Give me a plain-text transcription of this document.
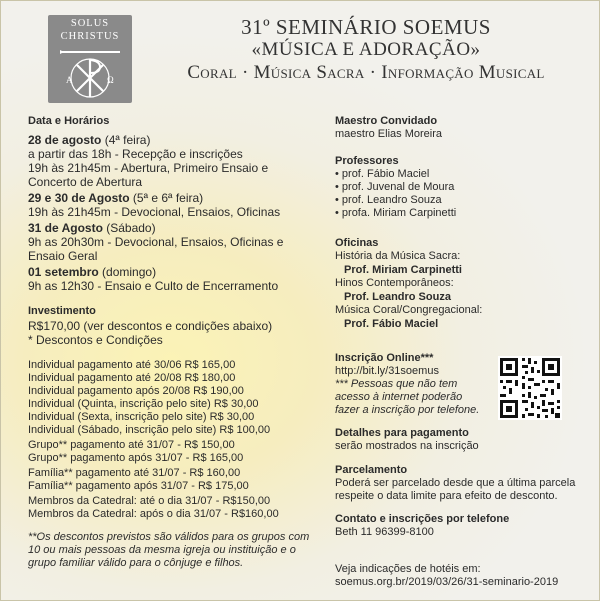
SOLUS
CHRISTUS
A	Ω
31º SEMINÁRIO SOEMUS
«MÚSICA E ADORAÇÃO»
Coral · Música Sacra · Informação Musical
Data e Horários
28 de agosto (4ª feira)
a partir das 18h - Recepção e inscrições
19h às 21h45m - Abertura, Primeiro Ensaio e
Concerto de Abertura
29 e 30 de Agosto (5ª e 6ª feira)
19h às 21h45m - Devocional, Ensaios, Oficinas
31 de Agosto (Sábado)
9h as 20h30m - Devocional, Ensaios, Oficinas e
Ensaio Geral
01 setembro (domingo)
9h as 12h30 - Ensaio e Culto de Encerramento
Investimento
R$170,00 (ver descontos e condições abaixo)
* Descontos e Condições
Individual pagamento até 30/06 R$ 165,00
Individual pagamento até 20/08 R$ 180,00
Individual pagamento após 20/08 R$ 190,00
Individual (Quinta, inscrição pelo site) R$ 30,00
Individual (Sexta, inscrição pelo site) R$ 30,00
Individual (Sábado, inscrição pelo site) R$ 100,00
Grupo** pagamento até 31/07 - R$ 150,00
Grupo** pagamento após 31/07 - R$ 165,00
Família** pagamento até 31/07 - R$ 160,00
Família** pagamento após 31/07 - R$ 175,00
Membros da Catedral: até o dia 31/07 - R$150,00
Membros da Catedral: após o dia 31/07 - R$160,00
**Os descontos previstos são válidos para os grupos com
10 ou mais pessoas da mesma igreja ou instituição e o
grupo familiar válido para o cônjuge e filhos.
Maestro Convidado
maestro Elias Moreira
Professores
• prof. Fábio Maciel
• prof. Juvenal de Moura
• prof. Leandro Souza
• profa. Miriam Carpinetti
Oficinas
História da Música Sacra:
Prof. Miriam Carpinetti
Hinos Contemporâneos:
Prof. Leandro Souza
Música Coral/Congregacional:
Prof. Fábio Maciel
Inscrição Online***
http://bit.ly/31soemus
*** Pessoas que não tem
acesso à internet poderão
fazer a inscrição por telefone.
Detalhes para pagamento
serão mostrados na inscrição
Parcelamento
Poderá ser parcelado desde que a última parcela
respeite o data limite para efeito de desconto.
Contato e inscrições por telefone
Beth 11 96399-8100
Veja indicações de hotéis em:
soemus.org.br/2019/03/26/31-seminario-2019
